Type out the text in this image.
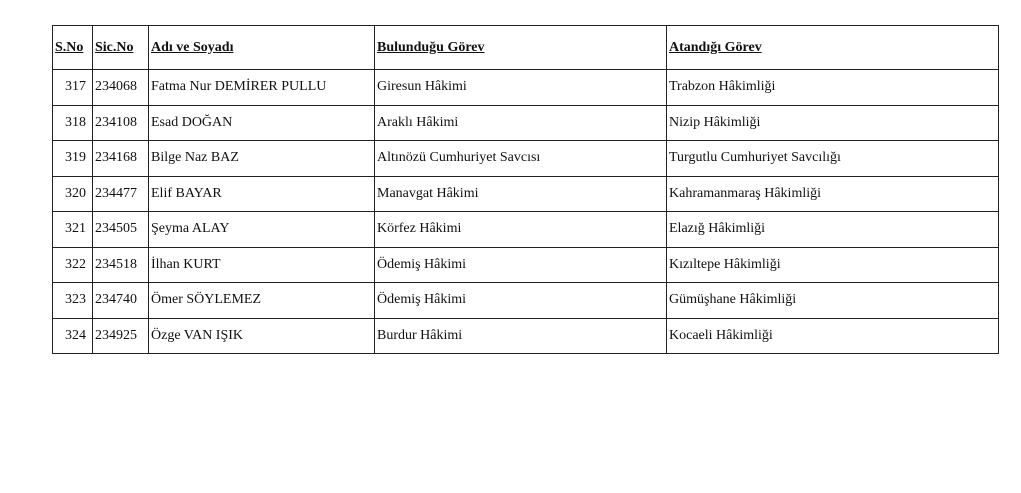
S.No	Sic.No	Adı ve Soyadı	Bulunduğu Görev	Atandığı Görev
317	234068	Fatma Nur DEMİRER PULLU	Giresun Hâkimi	Trabzon Hâkimliği
318	234108	Esad DOĞAN	Araklı Hâkimi	Nizip Hâkimliği
319	234168	Bilge Naz BAZ	Altınözü Cumhuriyet Savcısı	Turgutlu Cumhuriyet Savcılığı
320	234477	Elif BAYAR	Manavgat Hâkimi	Kahramanmaraş Hâkimliği
321	234505	Şeyma ALAY	Körfez Hâkimi	Elazığ Hâkimliği
322	234518	İlhan KURT	Ödemiş Hâkimi	Kızıltepe Hâkimliği
323	234740	Ömer SÖYLEMEZ	Ödemiş Hâkimi	Gümüşhane Hâkimliği
324	234925	Özge VAN IŞIK	Burdur Hâkimi	Kocaeli Hâkimliği
